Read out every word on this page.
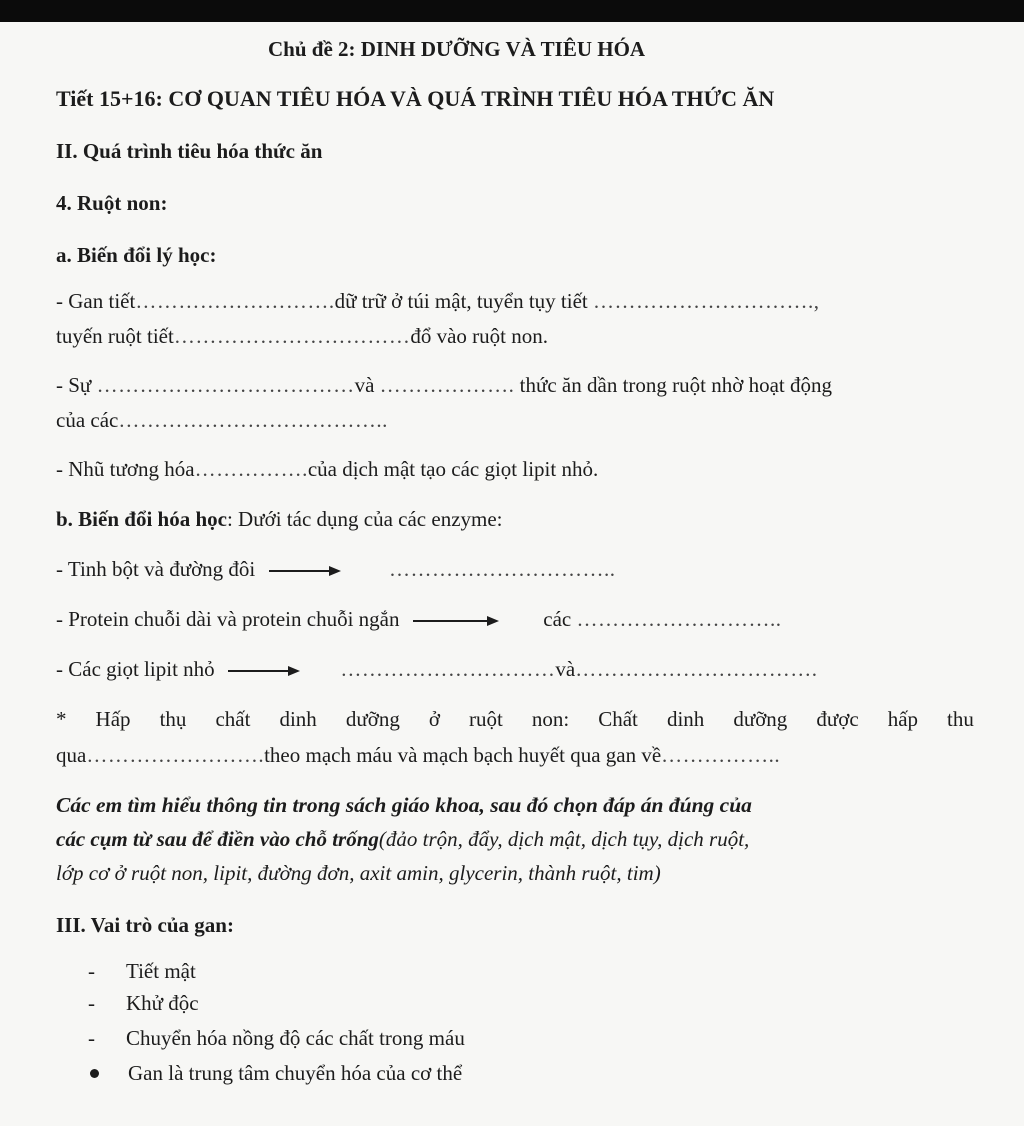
Chủ đề 2: DINH DƯỠNG VÀ TIÊU HÓA
Tiết 15+16: CƠ QUAN TIÊU HÓA VÀ QUÁ TRÌNH TIÊU HÓA THỨC ĂN
II. Quá trình tiêu hóa thức ăn
4. Ruột non:
a. Biến đổi lý học:
- Gan tiết……………………….dữ trữ ở túi mật, tuyển tụy tiết ………………………….,
tuyến ruột tiết……………………………đổ vào ruột non.
- Sự ………………………………và ………………. thức ăn dần trong ruột nhờ hoạt động
của các………………………………..
- Nhũ tương hóa…………….của dịch mật tạo các giọt lipit nhỏ.
b. Biến đổi hóa học: Dưới tác dụng của các enzyme:
- Tinh bột và đường đôi	…………………………..
- Protein chuỗi dài và protein chuỗi ngắn	các ………………………..
- Các giọt lipit nhỏ	…………………………và…………………………….
* Hấp thụ chất dinh dưỡng ở ruột non: Chất dinh dưỡng được hấp thu
qua…………………….theo mạch máu và mạch bạch huyết qua gan về……………..
Các em tìm hiểu thông tin trong sách giáo khoa, sau đó chọn đáp án đúng của
các cụm từ sau để điền vào chỗ trống(đảo trộn, đẩy, dịch mật, dịch tụy, dịch ruột,
lớp cơ ở ruột non, lipit, đường đơn, axit amin, glycerin, thành ruột, tim)
III. Vai trò của gan:
- Tiết mật
- Khử độc
- Chuyển hóa nồng độ các chất trong máu
Gan là trung tâm chuyển hóa của cơ thể
